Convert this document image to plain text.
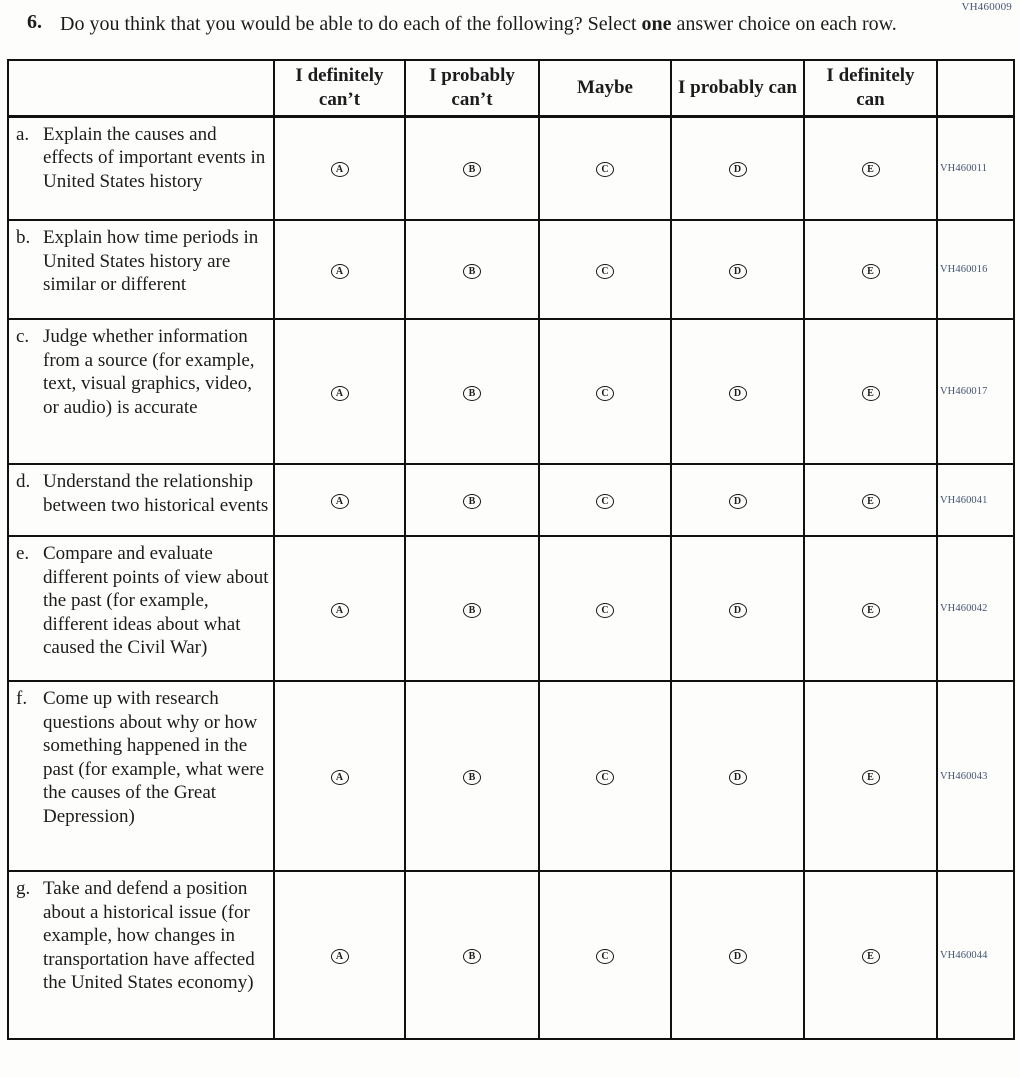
VH460009
6. Do you think that you would be able to do each of the following? Select one answer choice on each row.
	I definitely can’t	I probably can’t	Maybe	I probably can	I definitely can	

a. Explain the causes and effects of important events in United States history	A	B	C	D	E	VH460011

b. Explain how time periods in United States history are similar or different	A	B	C	D	E	VH460016

c. Judge whether information from a source (for example, text, visual graphics, video, or audio) is accurate	A	B	C	D	E	VH460017

d. Understand the relationship between two historical events	A	B	C	D	E	VH460041

e. Compare and evaluate different points of view about the past (for example, different ideas about what caused the Civil War)	A	B	C	D	E	VH460042

f. Come up with research questions about why or how something happened in the past (for example, what were the causes of the Great Depression)	A	B	C	D	E	VH460043

g. Take and defend a position about a historical issue (for example, how changes in transportation have affected the United States economy)	A	B	C	D	E	VH460044
